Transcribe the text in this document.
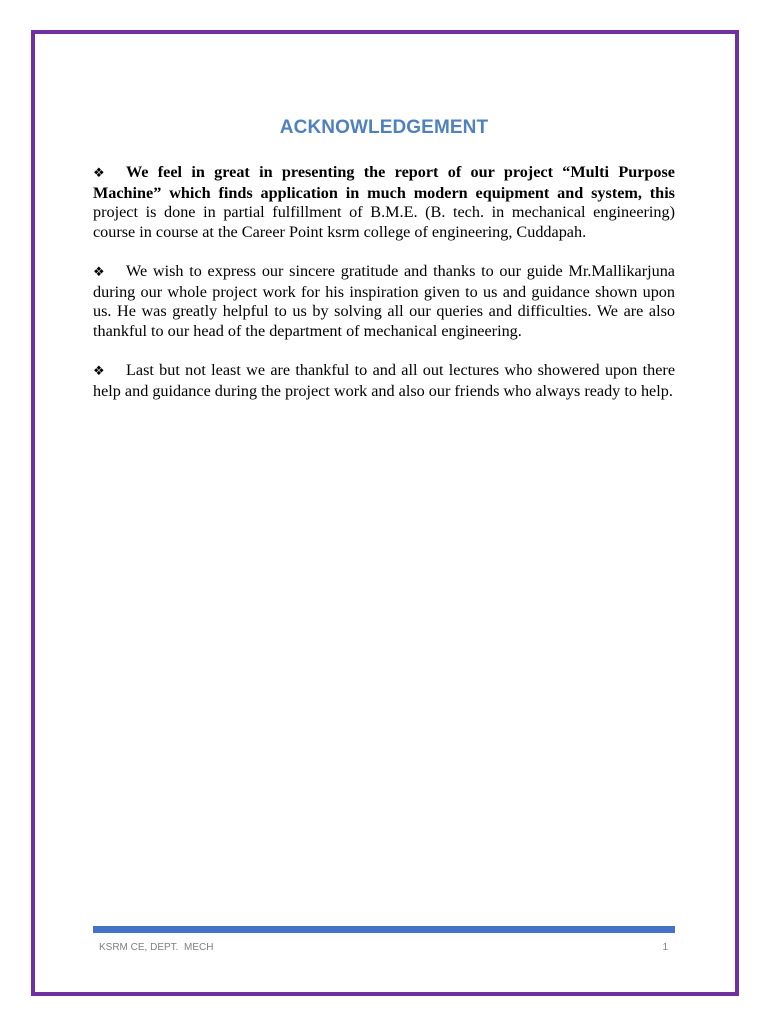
ACKNOWLEDGEMENT

❖ We feel in great in presenting the report of our project “Multi Purpose Machine” which finds application in much modern equipment and system, this project is done in partial fulfillment of B.M.E. (B. tech. in mechanical engineering) course in course at the Career Point ksrm college of engineering, Cuddapah.

❖ We wish to express our sincere gratitude and thanks to our guide Mr.Mallikarjuna during our whole project work for his inspiration given to us and guidance shown upon us. He was greatly helpful to us by solving all our queries and difficulties. We are also thankful to our head of the department of mechanical engineering.

❖ Last but not least we are thankful to and all out lectures who showered upon there help and guidance during the project work and also our friends who always ready to help.

KSRM CE, DEPT.  MECH	1
